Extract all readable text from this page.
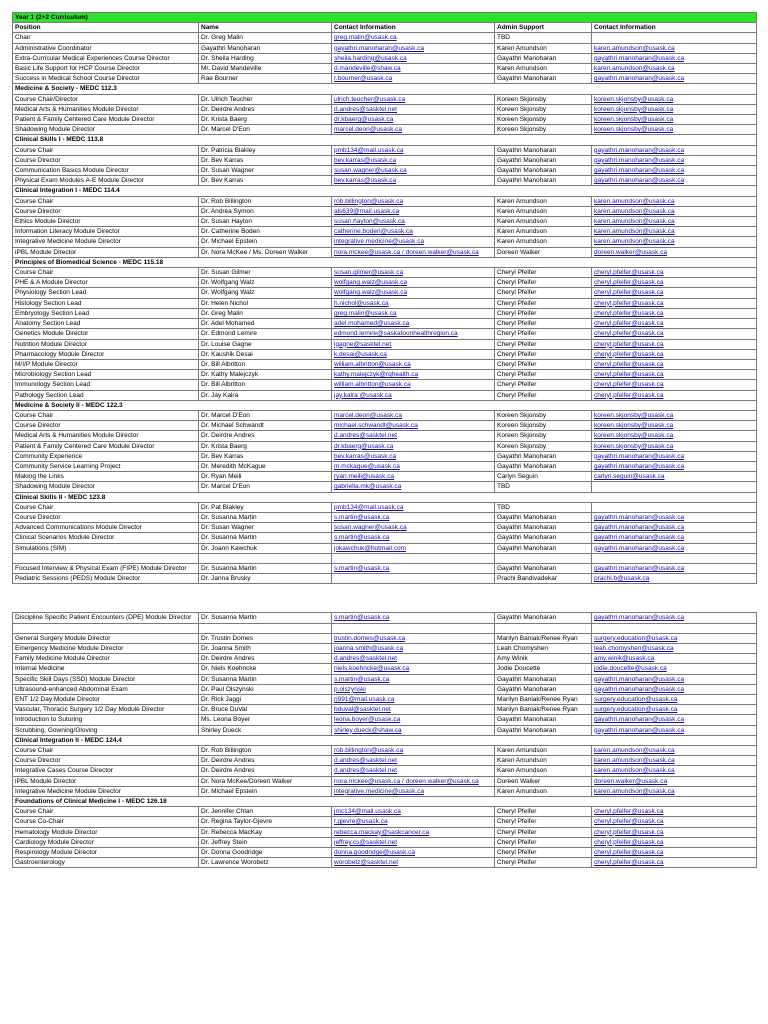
Year 1 (2+2 Curriculum)				
Position	Name	Contact Information	Admin Support	Contact Information
Chair	Dr. Greg Malin	greg.malin@usask.ca	TBD	
Administrative Coordinator	Gayathri Manoharan	gayathri.manoharan@usask.ca	Karen Amundson	karen.amundson@usask.ca
Extra-Curricular Medical Experiences Course Director	Dr. Sheila Harding	sheila.harding@usask.ca	Gayathri Manoharan	gayathri.manoharan@usask.ca
Basic Life Support for HCP Course Director	Mr. David Mandeville	d.mandeville@shaw.ca	Karen Amundson	karen.amundson@usask.ca
Success in Medical School Course Director	Rae Bourner	r.bourner@usask.ca	Gayathri Manoharan	gayathri.manoharan@usask.ca
Medicine & Society - MEDC 112.3				
Course Chair/Director	Dr. Ulrich Teucher	ulrich.teucher@usask.ca	Koreen Skjonsby	koreen.skjonsby@usask.ca
Medical Arts & Humanities Module Director	Dr. Deirdre Andres	d.andres@sasktel.net	Koreen Skjonsby	koreen.skjonsby@usask.ca
Patient & Family Centered Care Module Director	Dr. Krista Baerg	dr.kbaerg@usask.ca	Koreen Skjonsby	koreen.skjonsby@usask.ca
Shadowing Module Director	Dr. Marcel D'Eon	marcel.deon@usask.ca	Koreen Skjonsby	koreen.skjonsby@usask.ca
Clinical Skills I - MEDC 113.8				
Course Chair	Dr. Patricia Blakley	pmb134@mail.usask.ca	Gayathri Manoharan	gayathri.manoharan@usask.ca
Course Director	Dr. Bev Karras	bev.karras@usask.ca	Gayathri Manoharan	gayathri.manoharan@usask.ca
Communication Basics Module Director	Dr. Susan Wagner	susan.wagner@usask.ca	Gayathri Manoharan	gayathri.manoharan@usask.ca
Physical Exam Modules A-E Module Director	Dr. Bev Karras	bev.karras@usask.ca	Gayathri Manoharan	gayathri.manoharan@usask.ca
Clinical Integration I - MEDC 114.4				
Course Chair	Dr. Rob Billington	rob.billington@usask.ca	Karen Amundson	karen.amundson@usask.ca
Course Director	Dr. Andrea Symon	als639@mail.usask.ca	Karen Amundson	karen.amundson@usask.ca
Ethics Module Director	Dr. Susan Hayton	susan.hayton@usask.ca	Karen Amundson	karen.amundson@usask.ca
Information Literacy Module Director	Dr. Catherine Boden	catherine.boden@usask.ca	Karen Amundson	karen.amundson@usask.ca
Integrative Medicine Module Director	Dr. Michael Epstein	integrative.medicine@usask.ca	Karen Amundson	karen.amundson@usask.ca
iPBL Module Director	Dr. Nora McKee / Ms. Doreen Walker	nora.mckee@usask.ca / doreen.walker@usask.ca	Doreen Walker	doreen.walker@usask.ca
Principles of Biomedical Science - MEDC 115.18				
Course Chair	Dr. Susan Gilmer	susan.gilmer@usask.ca	Cheryl Pfeifer	cheryl.pfeifer@usask.ca
PHE & A Module Director	Dr. Wolfgang Walz	wolfgang.walz@usask.ca	Cheryl Pfeifer	cheryl.pfeifer@usask.ca
Physiology Section Lead	Dr. Wolfgang Walz	wolfgang.walz@usask.ca	Cheryl Pfeifer	cheryl.pfeifer@usask.ca
Histology Section Lead	Dr. Helen Nichol	h.nichol@usask.ca	Cheryl Pfeifer	cheryl.pfeifer@usask.ca
Embryology Section Lead	Dr. Greg Malin	greg.malin@usask.ca	Cheryl Pfeifer	cheryl.pfeifer@usask.ca
Anatomy Section Lead	Dr. Adel Mohamed	adel.mohamed@usask.ca	Cheryl Pfeifer	cheryl.pfeifer@usask.ca
Genetics Module Director	Dr. Edmond Lemire	edmond.lemire@saskatoonhealthregion.ca	Cheryl Pfeifer	cheryl.pfeifer@usask.ca
Nutrition Module Director	Dr. Louise Gagne	lgagne@sasktel.net	Cheryl Pfeifer	cheryl.pfeifer@usask.ca
Pharmacology Module Director	Dr. Kaushik Desai	k.desai@usask.ca	Cheryl Pfeifer	cheryl.pfeifer@usask.ca
M/I/P Module Director	Dr. Bill Albritton	william.albritton@usask.ca	Cheryl Pfeifer	cheryl.pfeifer@usask.ca
Microbiology Section Lead	Dr. Kathy Malejczyk	kathy.malejczyk@rqhealth.ca	Cheryl Pfeifer	cheryl.pfeifer@usask.ca
Immunology Section Lead	Dr. Bill Albritton	william.albritton@usask.ca	Cheryl Pfeifer	cheryl.pfeifer@usask.ca
Pathology Section Lead	Dr. Jay Kalra	jay.kalra @usask.ca	Cheryl Pfeifer	cheryl.pfeifer@usask.ca
Medicine & Society II - MEDC 122.3				
Course Chair	Dr. Marcel D'Eon	marcel.deon@usask.ca	Koreen Skjonsby	koreen.skjonsby@usask.ca
Course Director	Dr. Michael Schwandt	michael.schwandt@usask.ca	Koreen Skjonsby	koreen.skjonsby@usask.ca
Medical Arts & Humanities Module Director	Dr. Deirdre Andres	d.andres@sasktel.net	Koreen Skjonsby	koreen.skjonsby@usask.ca
Patient & Family Centered Care Module Director	Dr. Krista Baerg	dr.kbaerg@usask.ca	Koreen Skjonsby	koreen.skjonsby@usask.ca
Community Experience	Dr. Bev Karras	bev.karras@usask.ca	Gayathri Manoharan	gayathri.manoharan@usask.ca
Community Service Learning Project	Dr. Meredith McKague	m.mckague@usask.ca	Gayathri Manoharan	gayathri.manoharan@usask.ca
Making the Links	Dr. Ryan Meili	ryan.meili@usask.ca	Carlyn Seguin	carlyn.seguin@usask.ca
Shadowing Module Director	Dr. Marcel D'Eon	gabriella.mk@usask.ca	TBD	
Clinical Skills II - MEDC 123.8				
Course Chair	Dr. Pat Blakley	pmb134@mail.usask.ca	TBD	
Course Director	Dr. Susanna Martin	s.martin@usask.ca	Gayathri Manoharan	gayathri.manoharan@usask.ca
Advanced Communications Module Director	Dr. Susan Wagner	susan.wagner@usask.ca	Gayathri Manoharan	gayathri.manoharan@usask.ca
Clinical Scenarios Module Director	Dr. Susanna Martin	s.martin@usask.ca	Gayathri Manoharan	gayathri.manoharan@usask.ca
Simulations (SIM)	Dr. Joann Kawchuk	jokawchuk@hotmail.com	Gayathri Manoharan	gayathri.manoharan@usask.ca

Focused Interview & Physical Exam (FIPE) Module Director	Dr. Susanna Martin	s.martin@usask.ca	Gayathri Manoharan	gayathri.manoharan@usask.ca
Pediatric Sessions (PEDS) Module Director	Dr. Janna Brusky		Prachi Bandivadekar	prachi.b@usask.ca

Discipline Specific Patient Encounters (DPE) Module Director	Dr. Susanna Martin	s.martin@usask.ca	Gayathri Manoharan	gayathri.manoharan@usask.ca

General Surgery Module Director	Dr. Trustin Domes	trustin.domes@usask.ca	Marilyn Baniak/Renee Ryan	surgery.education@usask.ca
Emergency Medicine Module Director	Dr. Joanna Smith	joanna.smith@usask.ca	Leah Chomyshen	leah.chomyshen@usask.ca
Family Medicine Module Director	Dr. Deirdre Andres	d.andres@sasktel.net	Amy Winik	amy.winik@usask.ca
Internal Medicine	Dr. Niels Koehncke	niels.koehncke@usask.ca	Jodie Doucette	jodie.doucette@usask.ca
Specific Skill Days (SSD) Module Director	Dr. Susanna Martin	s.martin@usask.ca	Gayathri Manoharan	gayathri.manoharan@usask.ca
Ultrasound-enhanced Abdominal Exam	Dr. Paul Olszynski	p.olszynski	Gayathri Manoharan	gayathri.manoharan@usask.ca
ENT 1/2 Day Module Director	Dr. Rick Jaggi	rj991@mail.usask.ca	Marilyn Baniak/Renee Ryan	surgery.education@usask.ca
Vascular, Thoracic Surgery 1/2 Day Module Director	Dr. Bruce DuVal	bduval@sasktel.net	Marilyn Baniak/Renee Ryan	surgery.education@usask.ca
Introduction to Suturing	Ms. Leona Boyer	leona.boyer@usask.ca	Gayathri Manoharan	gayathri.manoharan@usask.ca
Scrubbing, Gowning/Gloving	Shirley Dueck	shirley.dueck@shaw.ca	Gayathri Manoharan	gayathri.manoharan@usask.ca
Clinical Integration II - MEDC 124.4				
Course Chair	Dr. Rob Billington	rob.billington@usask.ca	Karen Amundson	karen.amundson@usask.ca
Course Director	Dr. Deirdre Andres	d.andres@sasktel.net	Karen Amundson	karen.amundson@usask.ca
Integrative Cases Course Director	Dr. Deirdre Andres	d.andres@sasktel.net	Karen Amundson	karen.amundson@usask.ca
iPBL Module Director	Dr. Nora McKee/Doreen Walker	nora.mckee@usask.ca / doreen.walker@usask.ca	Doreen Walker	doreen.walker@usask.ca
Integrative Medicine Module Director	Dr. Michael Epstein	integrative.medicine@usask.ca	Karen Amundson	karen.amundson@usask.ca
Foundations of Clinical Medicine I - MEDC 126.18				
Course Chair	Dr. Jennifer Chlan	jmc134@mail.usask.ca	Cheryl Pfeifer	cheryl.pfeifer@usask.ca
Course Co-Chair	Dr. Regina Taylor-Gjevre	r.gjevre@usask.ca	Cheryl Pfeifer	cheryl.pfeifer@usask.ca
Hematology Module Director	Dr. Rebecca MacKay	rebecca.mackay@saskcancer.ca	Cheryl Pfeifer	cheryl.pfeifer@usask.ca
Cardiology Module Director	Dr. Jeffrey Stein	jeffrey.cs@sasktel.net	Cheryl Pfeifer	cheryl.pfeifer@usask.ca
Respirology Module Director	Dr. Donna Goodridge	donna.goodridge@usask.ca	Cheryl Pfeifer	cheryl.pfeifer@usask.ca
Gastroenterology	Dr. Lawrence Worobetz	worobetz@sasktel.net	Cheryl Pfeifer	cheryl.pfeifer@usask.ca
